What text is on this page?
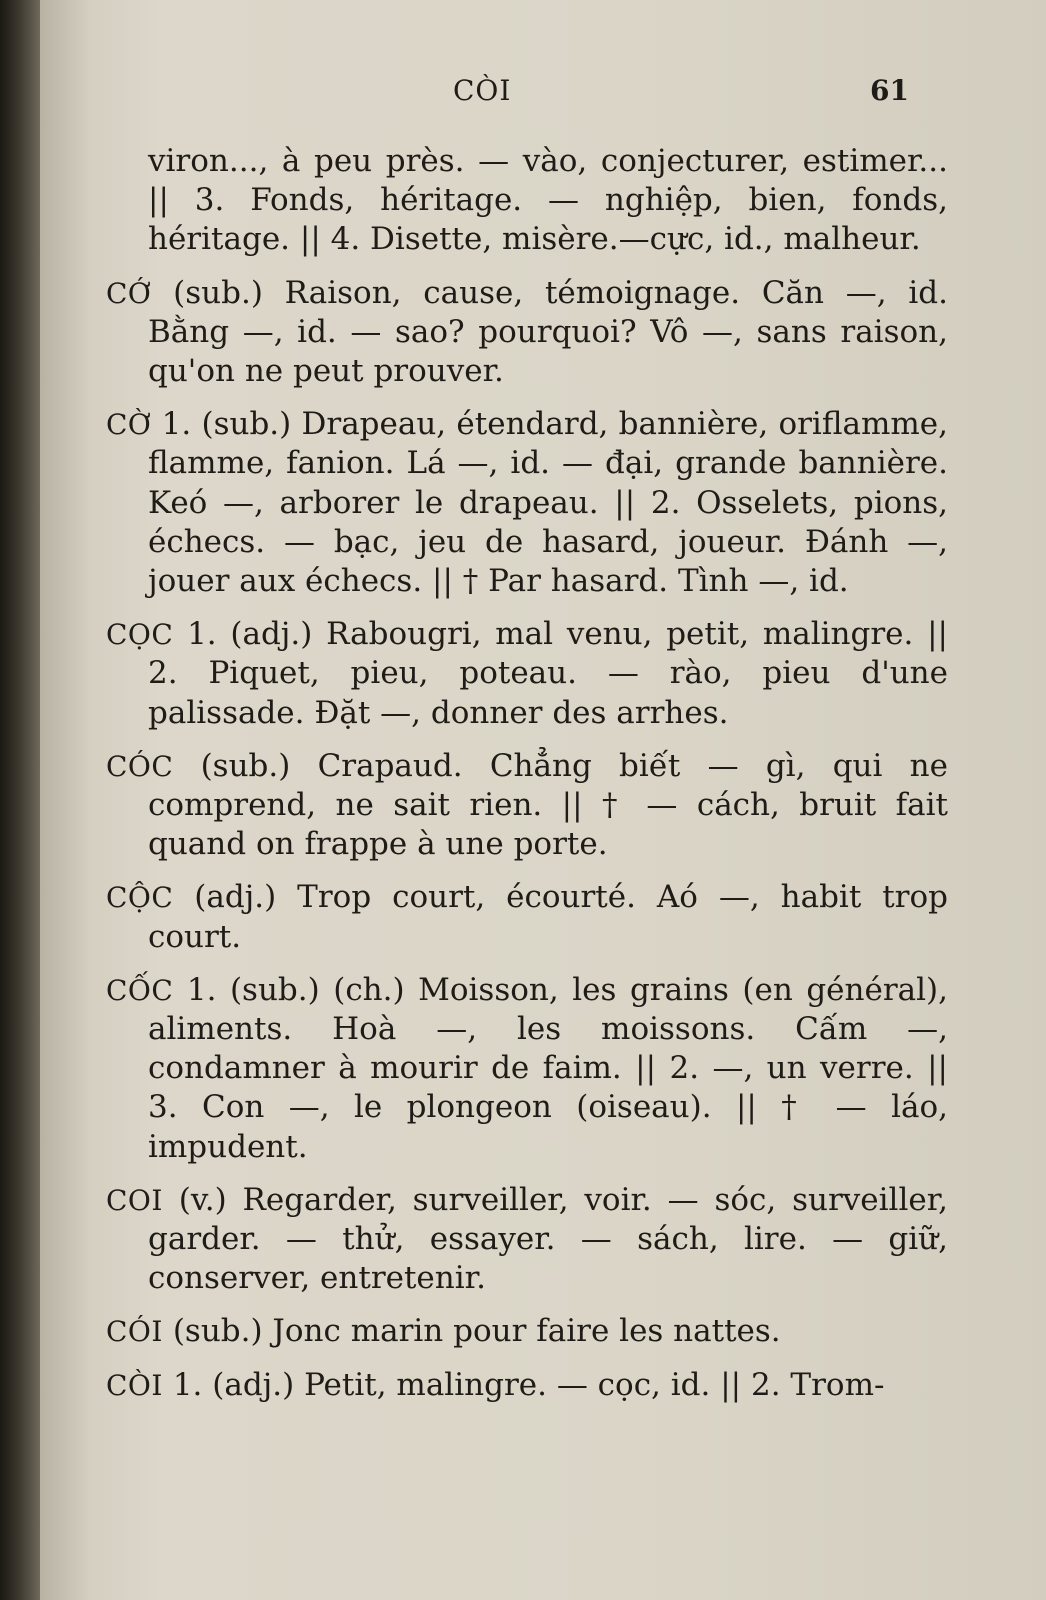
CÒI	61

viron..., à peu près. — vào, conjecturer, estimer... || 3. Fonds, héritage. — nghiệp, bien, fonds, héritage. || 4. Disette, misère.—cực, id., malheur.

CỚ (sub.) Raison, cause, témoignage. Căn —, id. Bằng —, id. — sao? pourquoi? Vô —, sans raison, qu'on ne peut prouver.

CỜ 1. (sub.) Drapeau, étendard, bannière, oriflamme, flamme, fanion. Lá —, id. — đại, grande bannière. Keó —, arborer le drapeau. || 2. Osselets, pions, échecs. — bạc, jeu de hasard, joueur. Đánh —, jouer aux échecs. || † Par hasard. Tình —, id.

CỌC 1. (adj.) Rabougri, mal venu, petit, malingre. || 2. Piquet, pieu, poteau. — rào, pieu d'une palissade. Đặt —, donner des arrhes.

CÓC (sub.) Crapaud. Chẳng biết — gì, qui ne comprend, ne sait rien. || † — cách, bruit fait quand on frappe à une porte.

CỘC (adj.) Trop court, écourté. Aó —, habit trop court.

CỐC 1. (sub.) (ch.) Moisson, les grains (en général), aliments. Hoà —, les moissons. Cấm —, condamner à mourir de faim. || 2. —, un verre. || 3. Con —, le plongeon (oiseau). || † — láo, impudent.

COI (v.) Regarder, surveiller, voir. — sóc, surveiller, garder. — thử, essayer. — sách, lire. — giữ, conserver, entretenir.

CÓI (sub.) Jonc marin pour faire les nattes.

CÒI 1. (adj.) Petit, malingre. — cọc, id. || 2. Trom-
